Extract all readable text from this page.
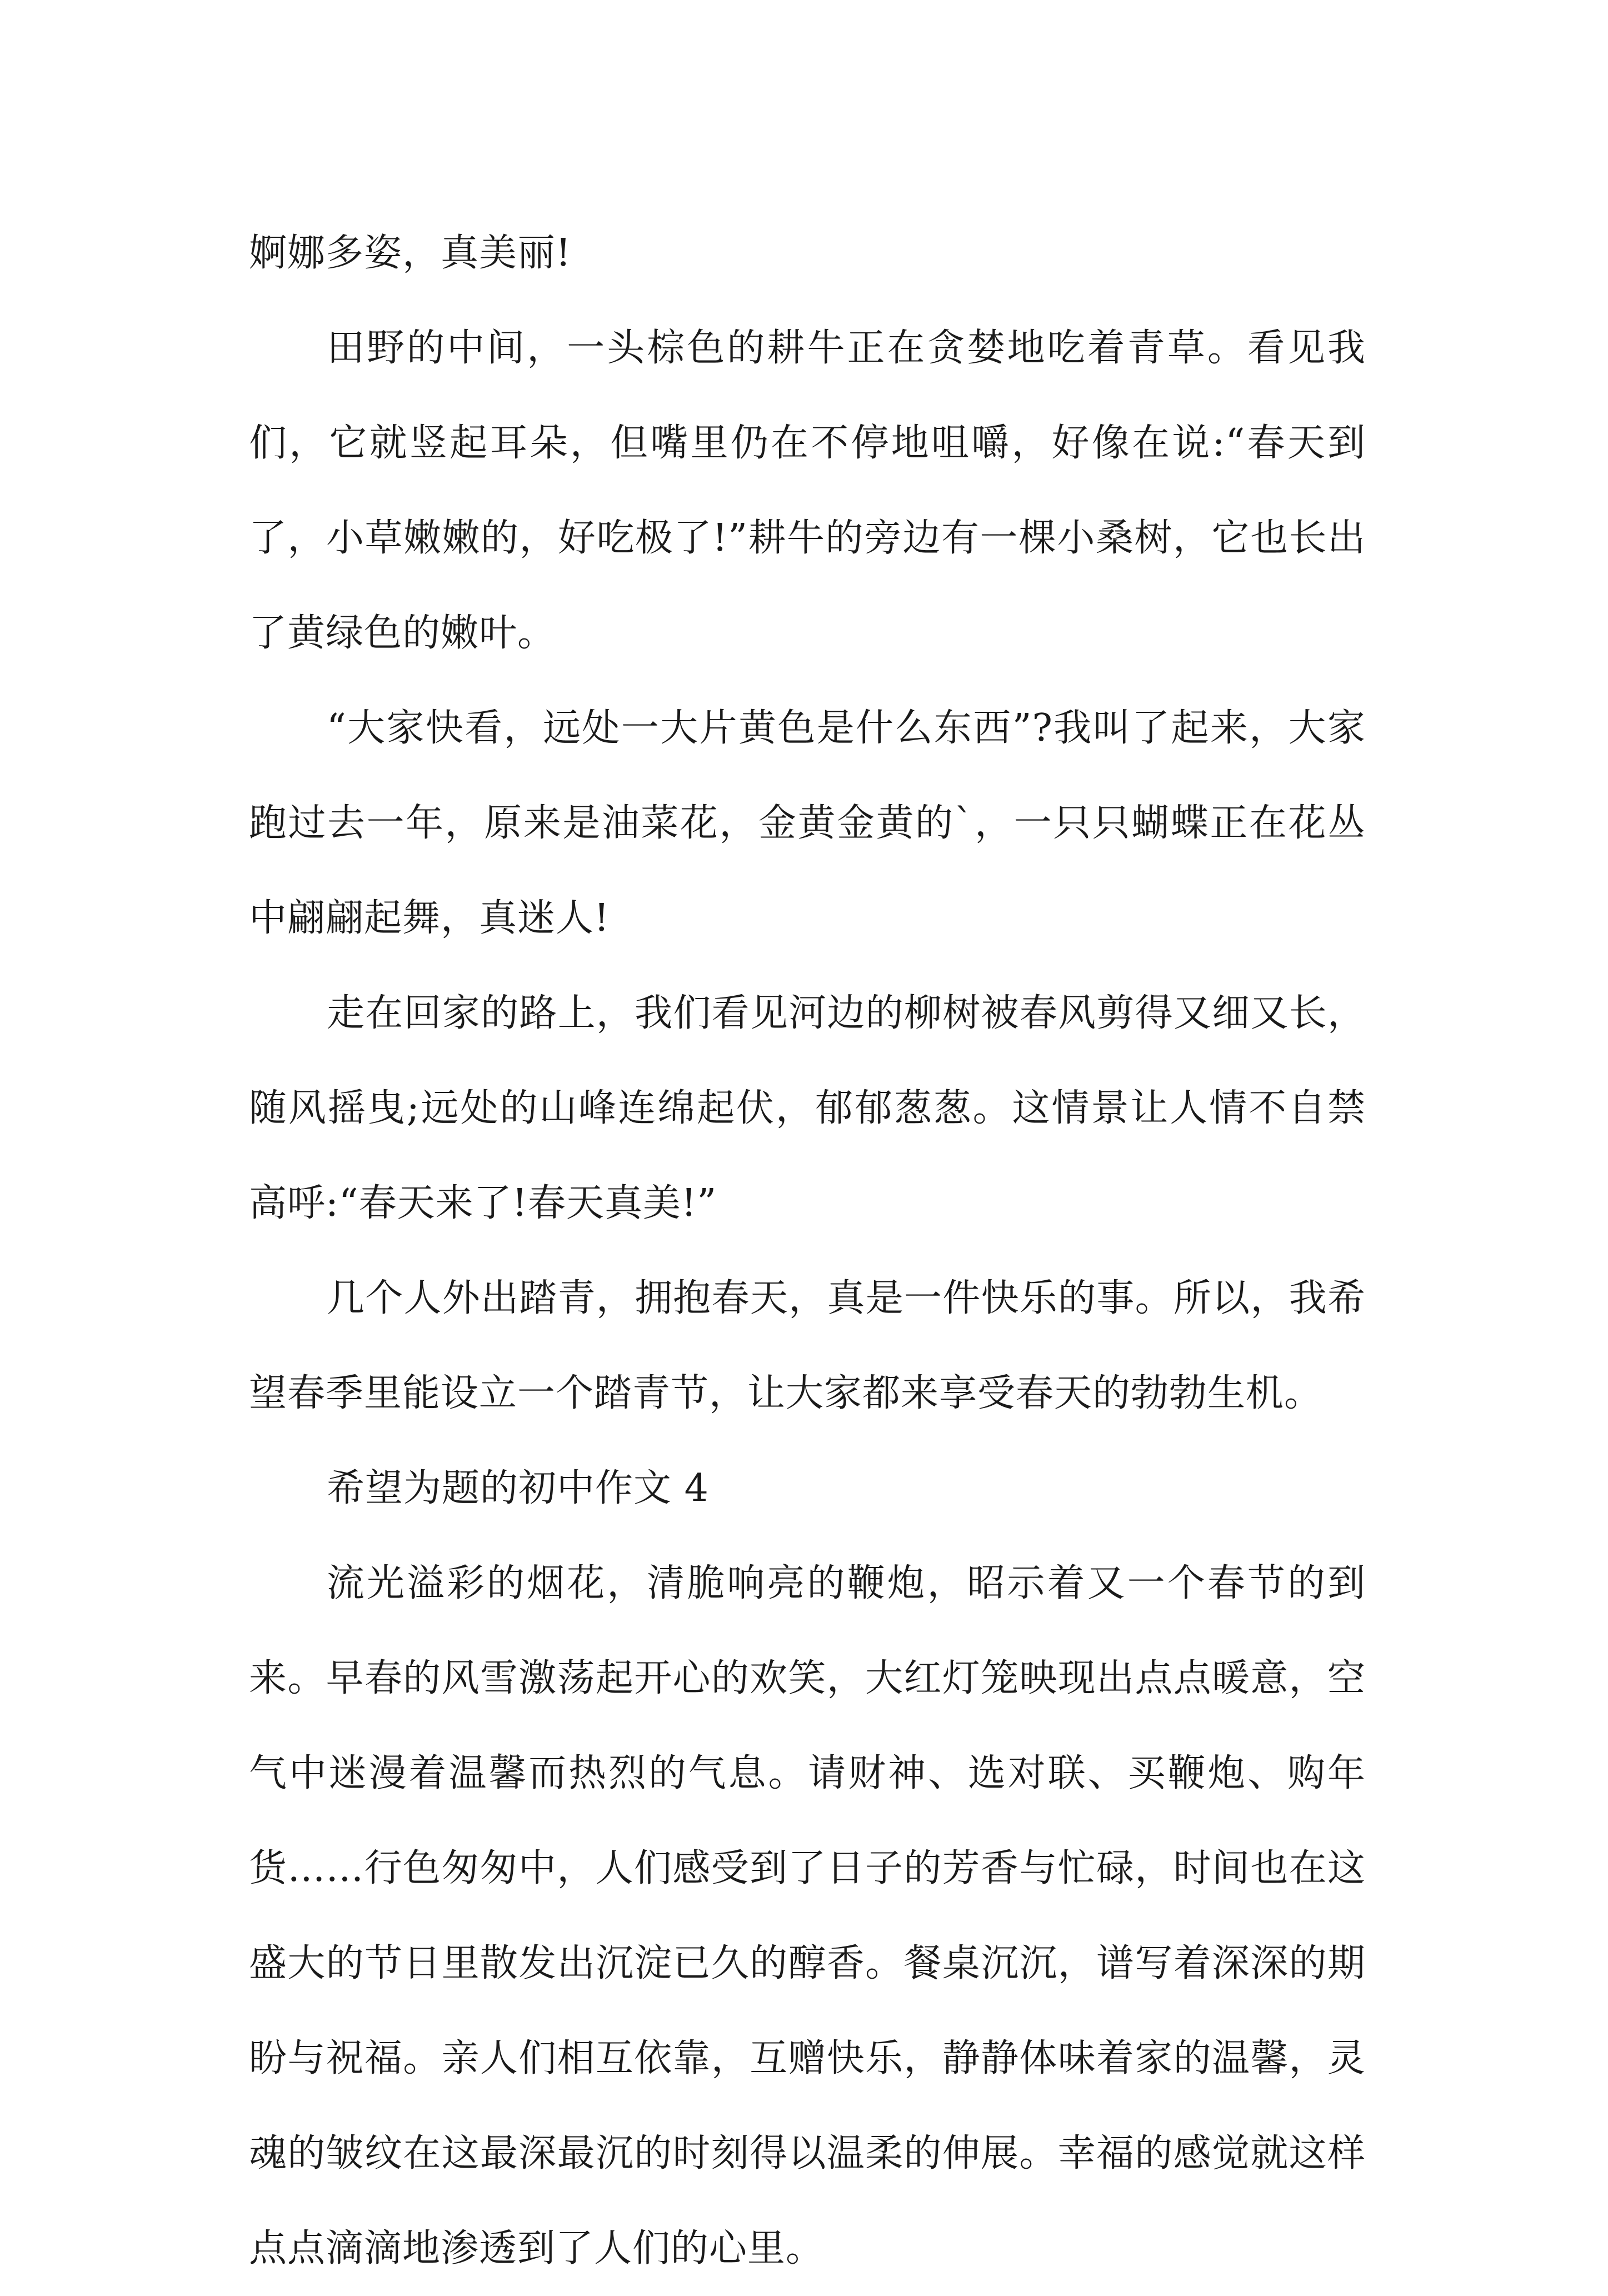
婀娜多姿，真美丽!

田野的中间，一头棕色的耕牛正在贪婪地吃着青草。看见我们，它就竖起耳朵，但嘴里仍在不停地咀嚼，好像在说:“春天到了，小草嫩嫩的，好吃极了!”耕牛的旁边有一棵小桑树，它也长出了黄绿色的嫩叶。

“大家快看，远处一大片黄色是什么东西”?我叫了起来，大家跑过去一年，原来是油菜花，金黄金黄的`，一只只蝴蝶正在花丛中翩翩起舞，真迷人!

走在回家的路上，我们看见河边的柳树被春风剪得又细又长，随风摇曳;远处的山峰连绵起伏，郁郁葱葱。这情景让人情不自禁高呼:“春天来了!春天真美!”

几个人外出踏青，拥抱春天，真是一件快乐的事。所以，我希望春季里能设立一个踏青节，让大家都来享受春天的勃勃生机。

希望为题的初中作文 4

流光溢彩的烟花，清脆响亮的鞭炮，昭示着又一个春节的到来。早春的风雪激荡起开心的欢笑，大红灯笼映现出点点暖意，空气中迷漫着温馨而热烈的气息。请财神、选对联、买鞭炮、购年货……行色匆匆中，人们感受到了日子的芳香与忙碌，时间也在这盛大的节日里散发出沉淀已久的醇香。餐桌沉沉，谱写着深深的期盼与祝福。亲人们相互依靠，互赠快乐，静静体味着家的温馨，灵魂的皱纹在这最深最沉的时刻得以温柔的伸展。幸福的感觉就这样点点滴滴地渗透到了人们的心里。
